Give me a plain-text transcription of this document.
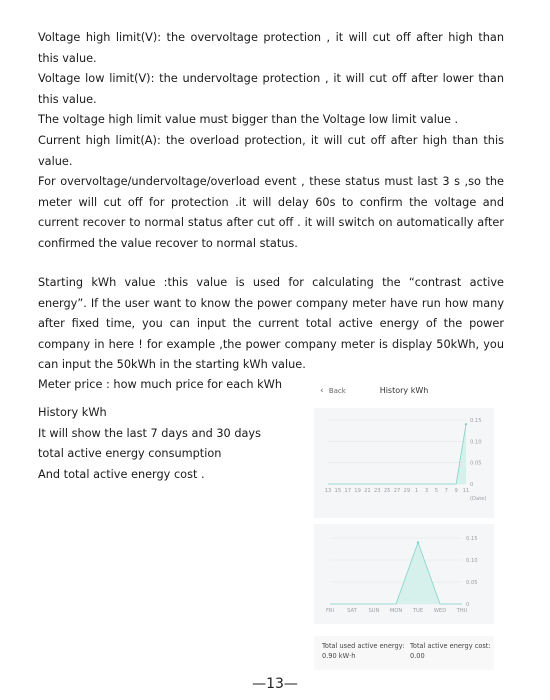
Voltage high limit(V): the overvoltage protection , it will cut off after high than this value.

Voltage low limit(V): the undervoltage protection , it will cut off after lower than this value.

The voltage high limit value must bigger than the Voltage low limit value .

Current high limit(A): the overload protection, it will cut off after high than this value.

For overvoltage/undervoltage/overload event , these status must last 3 s ,so the meter will cut off for protection .it will delay 60s to confirm the voltage and current recover to normal status after cut off . it will switch on automatically after confirmed the value recover to normal status.

Starting kWh value :this value is used for calculating the “contrast active energy”. If the user want to know the power company meter have run how many after fixed time, you can input the current total active energy of the power company in here ! for example ,the power company meter is display 50kWh, you can input the 50kWh in the starting kWh value.

Meter price : how much price for each kWh

History kWh

It will show the last 7 days and 30 days

total active energy consumption

And total active energy cost .

‹ Back	History kWh
0.15
0.10
0.05
0
13 15 17 19 21 23 25 27 29 1 3 5 7 9 11
(Date)
0.15
0.10
0.05
0
FRI	SAT SUN MON TUE WED THU
Total used active energy:
0.90 kW·h
Total active energy cost:
0.00
—13—
